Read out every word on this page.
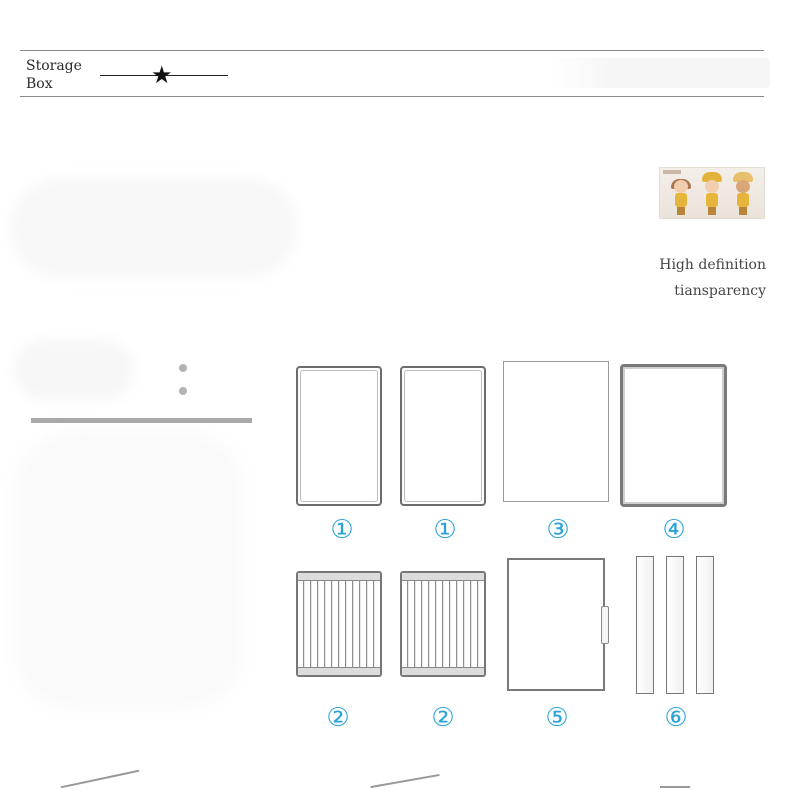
Storage
Box	★
High definition
tiansparency
①	①	③	④
②	②	⑤	⑥
